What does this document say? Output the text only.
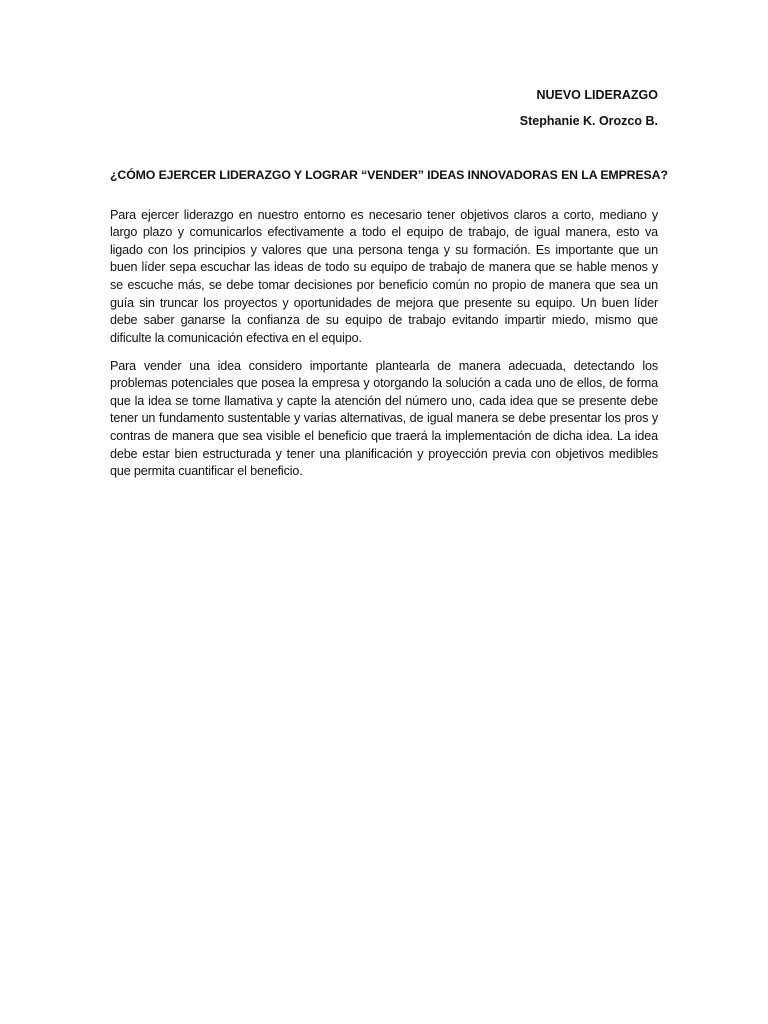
NUEVO LIDERAZGO
Stephanie K. Orozco B.
¿CÓMO EJERCER LIDERAZGO Y LOGRAR “VENDER” IDEAS INNOVADORAS EN LA EMPRESA?

Para ejercer liderazgo en nuestro entorno es necesario tener objetivos claros a corto, mediano y largo plazo y comunicarlos efectivamente a todo el equipo de trabajo, de igual manera, esto va ligado con los principios y valores que una persona tenga y su formación. Es importante que un buen líder sepa escuchar las ideas de todo su equipo de trabajo de manera que se hable menos y se escuche más, se debe tomar decisiones por beneficio común no propio de manera que sea un guía sin truncar los proyectos y oportunidades de mejora que presente su equipo. Un buen líder debe saber ganarse la confianza de su equipo de trabajo evitando impartir miedo, mismo que dificulte la comunicación efectiva en el equipo.

Para vender una idea considero importante plantearla de manera adecuada, detectando los problemas potenciales que posea la empresa y otorgando la solución a cada uno de ellos, de forma que la idea se torne llamativa y capte la atención del número uno, cada idea que se presente debe tener un fundamento sustentable y varias alternativas, de igual manera se debe presentar los pros y contras de manera que sea visible el beneficio que traerá la implementación de dicha idea. La idea debe estar bien estructurada y tener una planificación y proyección previa con objetivos medibles que permita cuantificar el beneficio.
